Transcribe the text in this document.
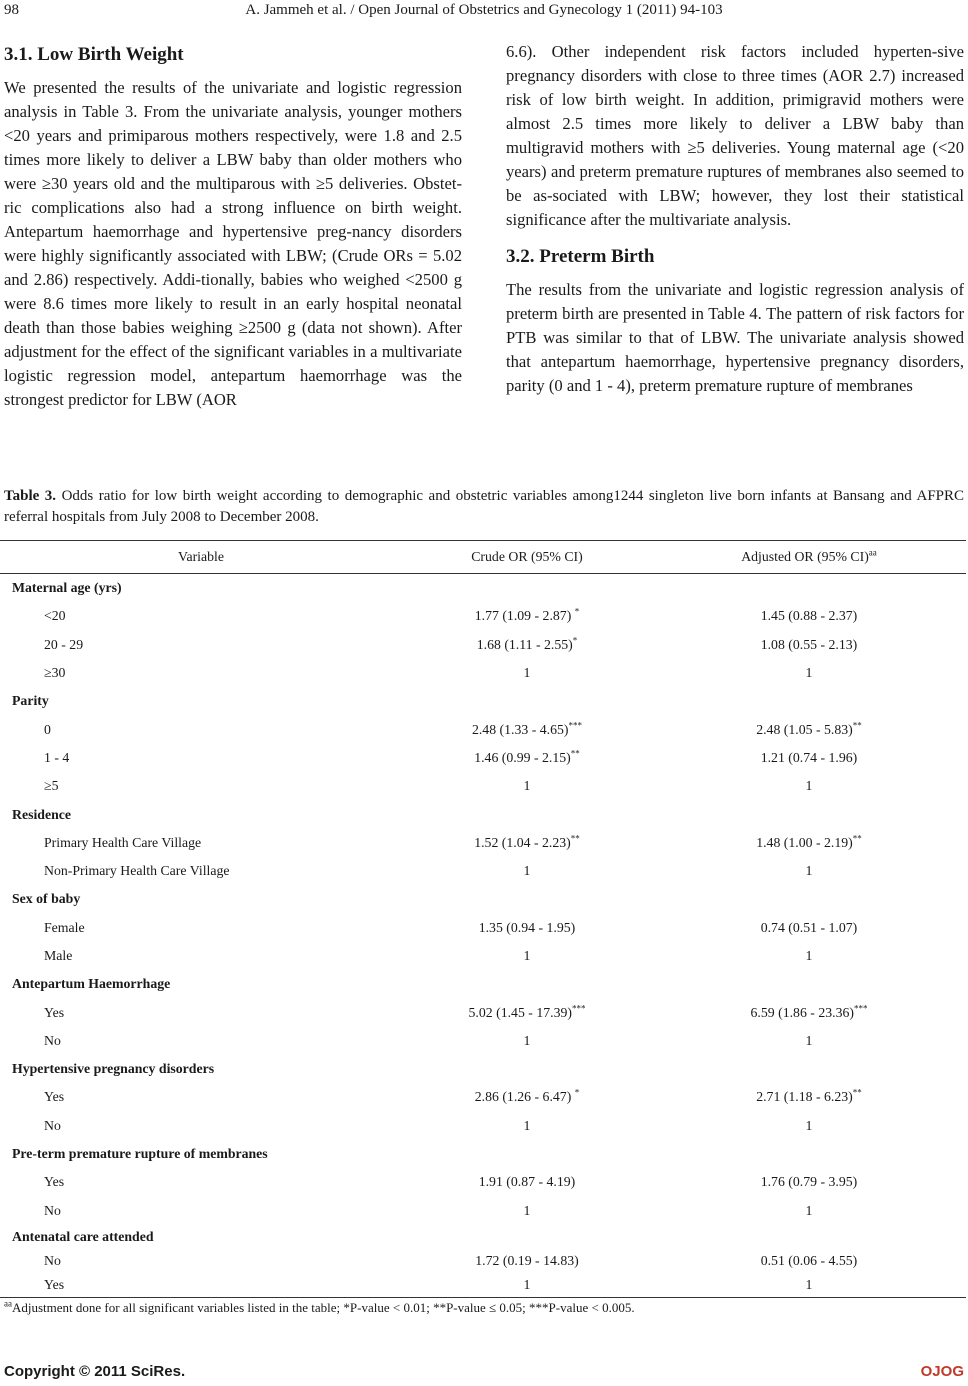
98	A. Jammeh et al. / Open Journal of Obstetrics and Gynecology 1 (2011) 94-103
3.1. Low Birth Weight

We presented the results of the univariate and logistic regression analysis in Table 3. From the univariate analysis, younger mothers <20 years and primiparous mothers respectively, were 1.8 and 2.5 times more likely to deliver a LBW baby than older mothers who were ≥30 years old and the multiparous with ≥5 deliveries. Obstet-ric complications also had a strong influence on birth weight. Antepartum haemorrhage and hypertensive preg-nancy disorders were highly significantly associated with LBW; (Crude ORs = 5.02 and 2.86) respectively. Addi-tionally, babies who weighed <2500 g were 8.6 times more likely to result in an early hospital neonatal death than those babies weighing ≥2500 g (data not shown). After adjustment for the effect of the significant variables in a multivariate logistic regression model, antepartum haemorrhage was the strongest predictor for LBW (AOR

6.6). Other independent risk factors included hyperten-sive pregnancy disorders with close to three times (AOR 2.7) increased risk of low birth weight. In addition, primigravid mothers were almost 2.5 times more likely to deliver a LBW baby than multigravid mothers with ≥5 deliveries. Young maternal age (<20 years) and preterm premature ruptures of membranes also seemed to be as-sociated with LBW; however, they lost their statistical significance after the multivariate analysis.

3.2. Preterm Birth

The results from the univariate and logistic regression analysis of preterm birth are presented in Table 4. The pattern of risk factors for PTB was similar to that of LBW. The univariate analysis showed that antepartum haemorrhage, hypertensive pregnancy disorders, parity (0 and 1 - 4), preterm premature rupture of membranes

Table 3. Odds ratio for low birth weight according to demographic and obstetric variables among1244 singleton live born infants at Bansang and AFPRC referral hospitals from July 2008 to December 2008.
Variable	Crude OR (95% CI)	Adjusted OR (95% CI)$^{aa}$
Maternal age (yrs)		
<20	1.77 (1.09 - 2.87) *	1.45 (0.88 - 2.37)
20 - 29	1.68 (1.11 - 2.55)*	1.08 (0.55 - 2.13)
≥30	1	1
Parity		
0	2.48 (1.33 - 4.65)***	2.48 (1.05 - 5.83)**
1 - 4	1.46 (0.99 - 2.15)**	1.21 (0.74 - 1.96)
≥5	1	1
Residence		
Primary Health Care Village	1.52 (1.04 - 2.23)**	1.48 (1.00 - 2.19)**
Non-Primary Health Care Village	1	1
Sex of baby		
Female	1.35 (0.94 - 1.95)	0.74 (0.51 - 1.07)
Male	1	1
Antepartum Haemorrhage		
Yes	5.02 (1.45 - 17.39)***	6.59 (1.86 - 23.36)***
No	1	1
Hypertensive pregnancy disorders		
Yes	2.86 (1.26 - 6.47) *	2.71 (1.18 - 6.23)**
No	1	1
Pre-term premature rupture of membranes		
Yes	1.91 (0.87 - 4.19)	1.76 (0.79 - 3.95)
No	1	1
Antenatal care attended		
No	1.72 (0.19 - 14.83)	0.51 (0.06 - 4.55)
Yes	1	1
$^{aa}$Adjustment done for all significant variables listed in the table; *P-value < 0.01; **P-value ≤ 0.05; ***P-value < 0.005.
Copyright © 2011 SciRes.	OJOG
